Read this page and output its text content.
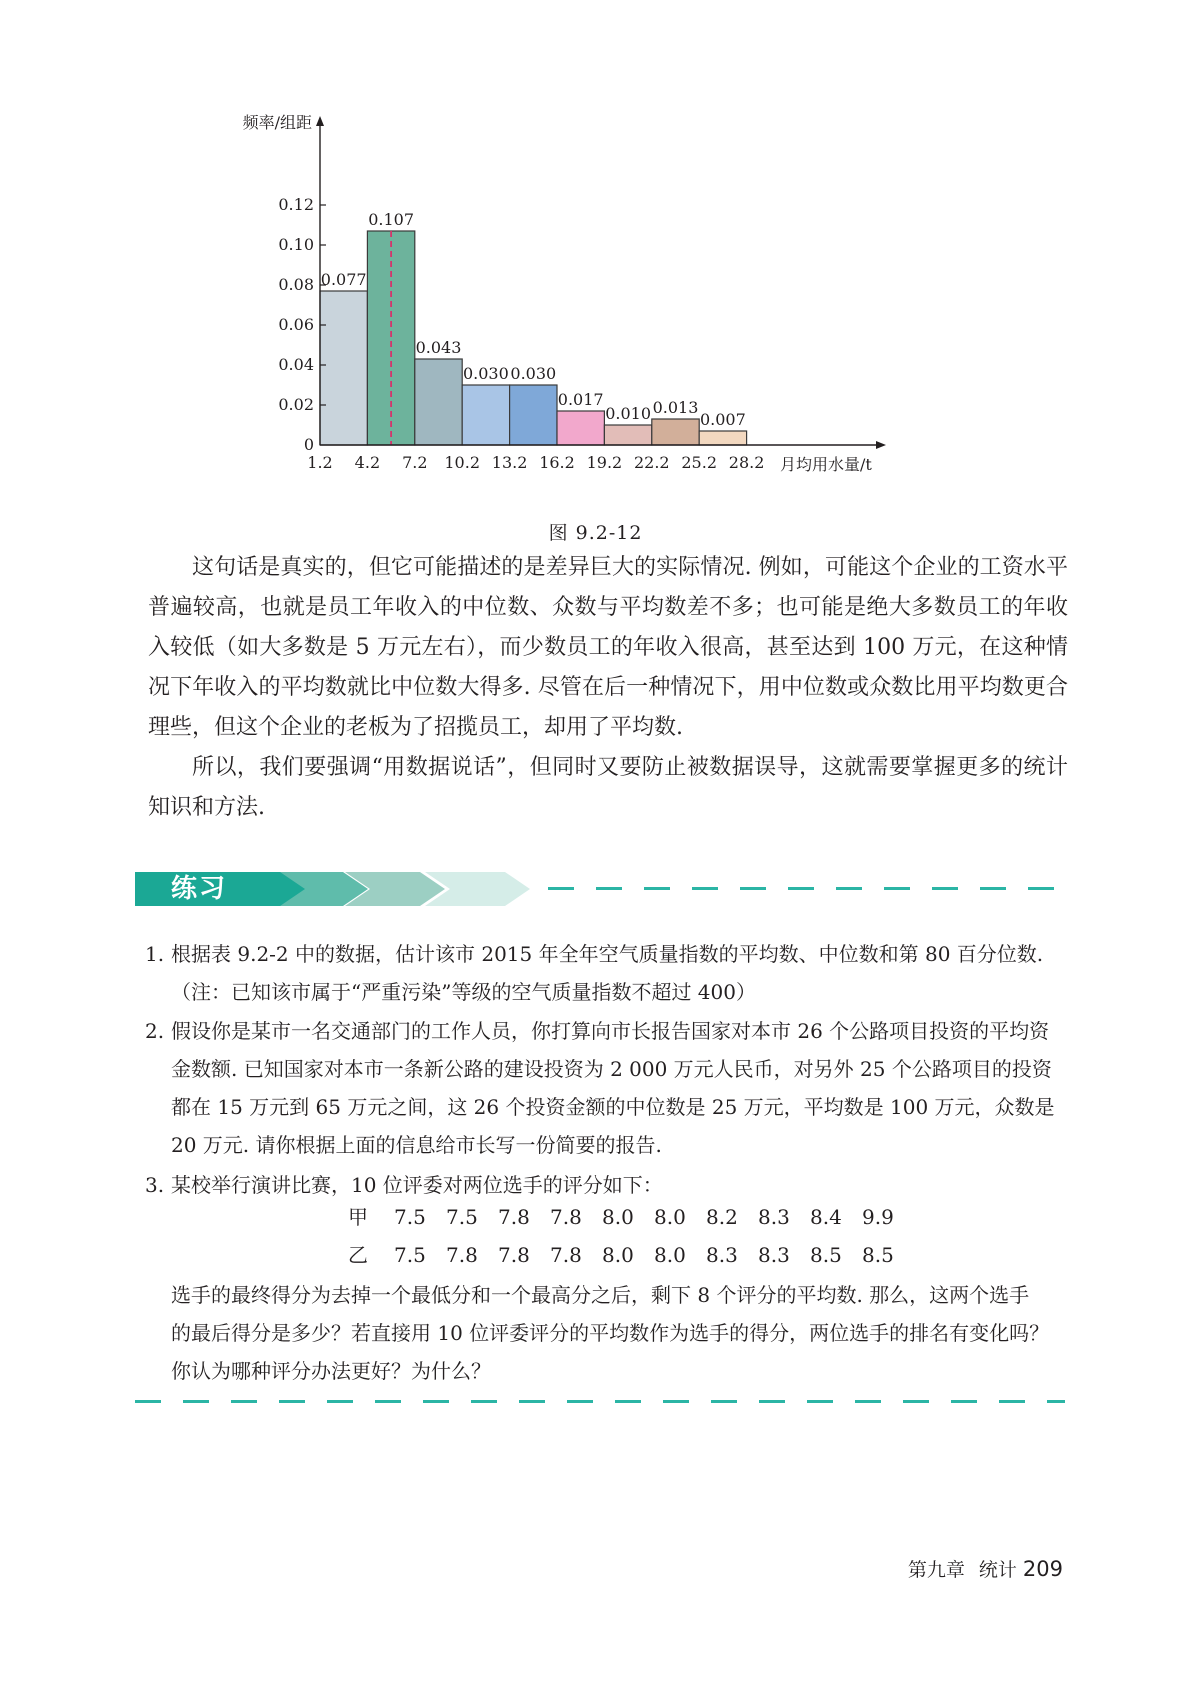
0
0.02
0.04
0.06
0.08
0.10
0.12
1.2 4.2 7.2 10.2 13.2 16.2 19.2 22.2 25.2 28.2
0.077
0.107
0.043
0.030 0.030
0.017
0.010 0.013
0.007
频率/组距
月均用水量/t
图 9.2-12

这句话是真实的，但它可能描述的是差异巨大的实际情况. 例如，可能这个企业的工资水平普遍较高，也就是员工年收入的中位数、众数与平均数差不多；也可能是绝大多数员工的年收入较低（如大多数是 5 万元左右），而少数员工的年收入很高，甚至达到 100 万元，在这种情况下年收入的平均数就比中位数大得多. 尽管在后一种情况下，用中位数或众数比用平均数更合理些，但这个企业的老板为了招揽员工，却用了平均数.

所以，我们要强调“用数据说话”，但同时又要防止被数据误导，这就需要掌握更多的统计知识和方法.

练习
1. 根据表 9.2-2 中的数据，估计该市 2015 年全年空气质量指数的平均数、中位数和第 80 百分位数.
（注：已知该市属于“严重污染”等级的空气质量指数不超过 400）
2. 假设你是某市一名交通部门的工作人员，你打算向市长报告国家对本市 26 个公路项目投资的平均资
金数额. 已知国家对本市一条新公路的建设投资为 2 000 万元人民币，对另外 25 个公路项目的投资
都在 15 万元到 65 万元之间，这 26 个投资金额的中位数是 25 万元，平均数是 100 万元，众数是
20 万元. 请你根据上面的信息给市长写一份简要的报告.
3. 某校举行演讲比赛，10 位评委对两位选手的评分如下：
甲	7.5	7.5	7.8	7.8	8.0	8.0	8.2	8.3	8.4	9.9
乙	7.5	7.8	7.8	7.8	8.0	8.0	8.3	8.3	8.5	8.5
选手的最终得分为去掉一个最低分和一个最高分之后，剩下 8 个评分的平均数. 那么，这两个选手
的最后得分是多少？若直接用 10 位评委评分的平均数作为选手的得分，两位选手的排名有变化吗？
你认为哪种评分办法更好？为什么？
第九章 统计 209
